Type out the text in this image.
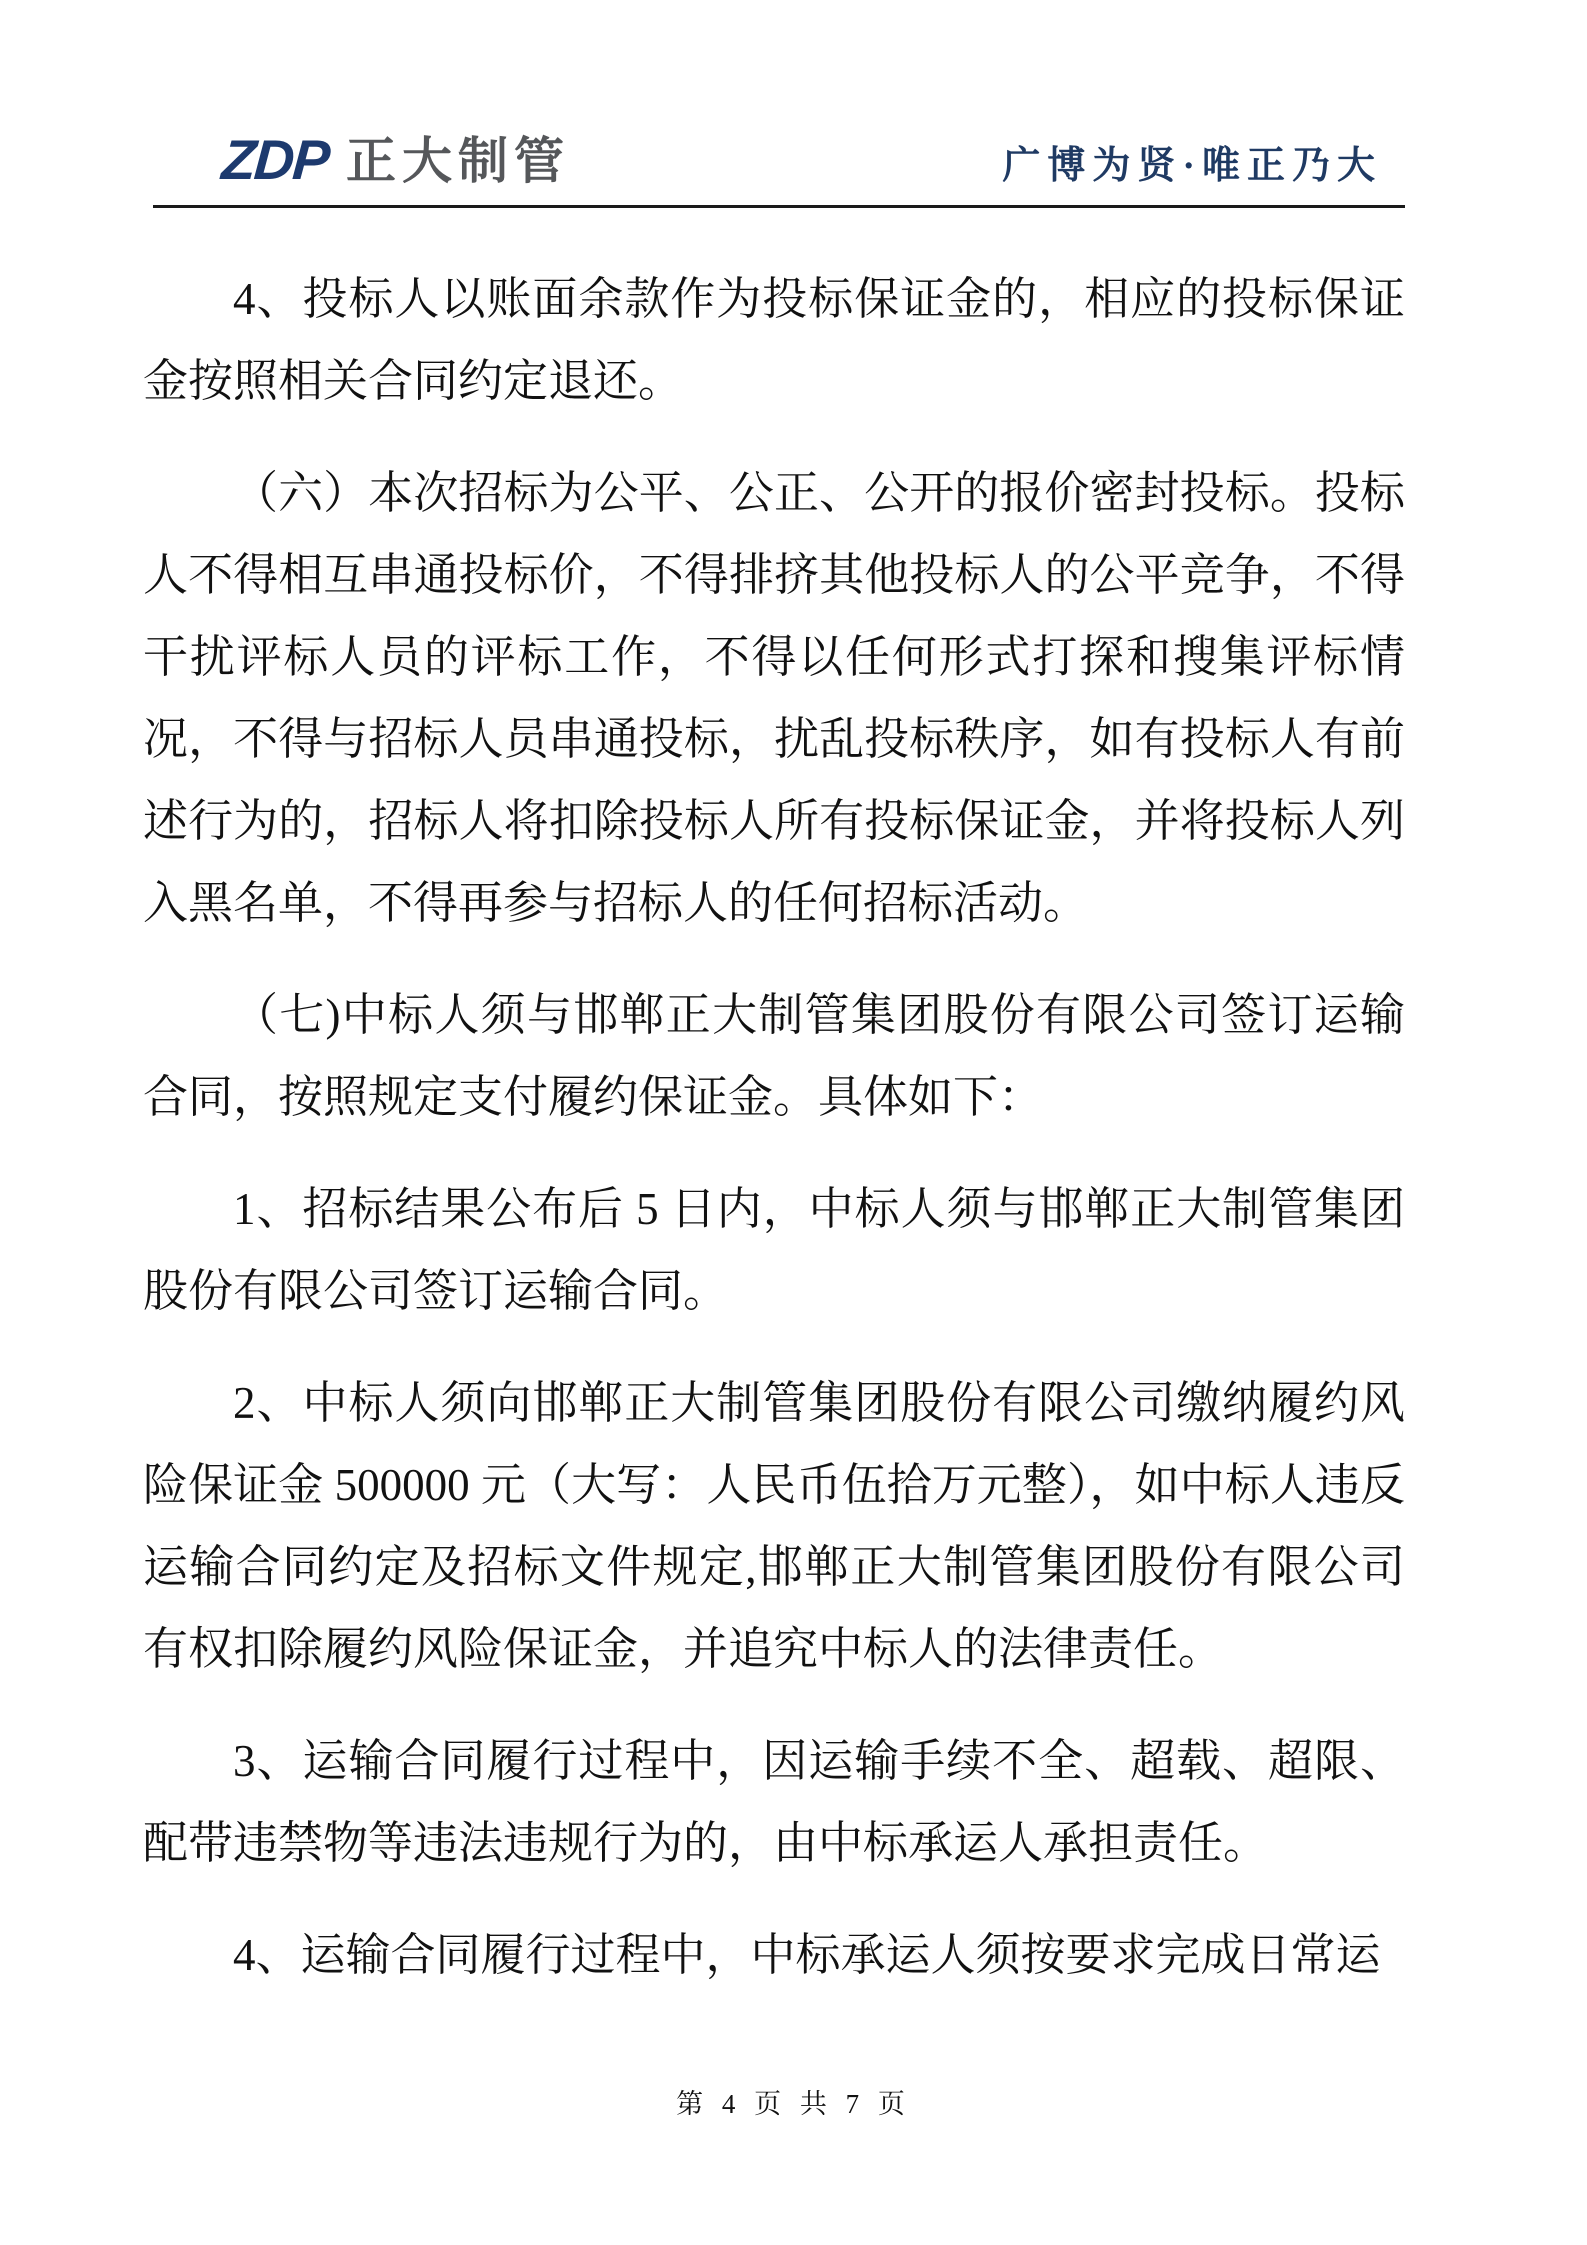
ZDP 正大制管	广博为贤·唯正乃大

4、投标人以账面余款作为投标保证金的，相应的投标保证金按照相关合同约定退还。

（六）本次招标为公平、公正、公开的报价密封投标。投标人不得相互串通投标价，不得排挤其他投标人的公平竞争，不得干扰评标人员的评标工作，不得以任何形式打探和搜集评标情况，不得与招标人员串通投标，扰乱投标秩序，如有投标人有前述行为的，招标人将扣除投标人所有投标保证金，并将投标人列入黑名单，不得再参与招标人的任何招标活动。

（七)中标人须与邯郸正大制管集团股份有限公司签订运输合同，按照规定支付履约保证金。具体如下：

1、招标结果公布后 5 日内，中标人须与邯郸正大制管集团股份有限公司签订运输合同。

2、中标人须向邯郸正大制管集团股份有限公司缴纳履约风险保证金 500000 元（大写：人民币伍拾万元整），如中标人违反运输合同约定及招标文件规定,邯郸正大制管集团股份有限公司有权扣除履约风险保证金，并追究中标人的法律责任。

3、运输合同履行过程中，因运输手续不全、超载、超限、配带违禁物等违法违规行为的，由中标承运人承担责任。

4、运输合同履行过程中，中标承运人须按要求完成日常运

第 4 页 共 7 页
